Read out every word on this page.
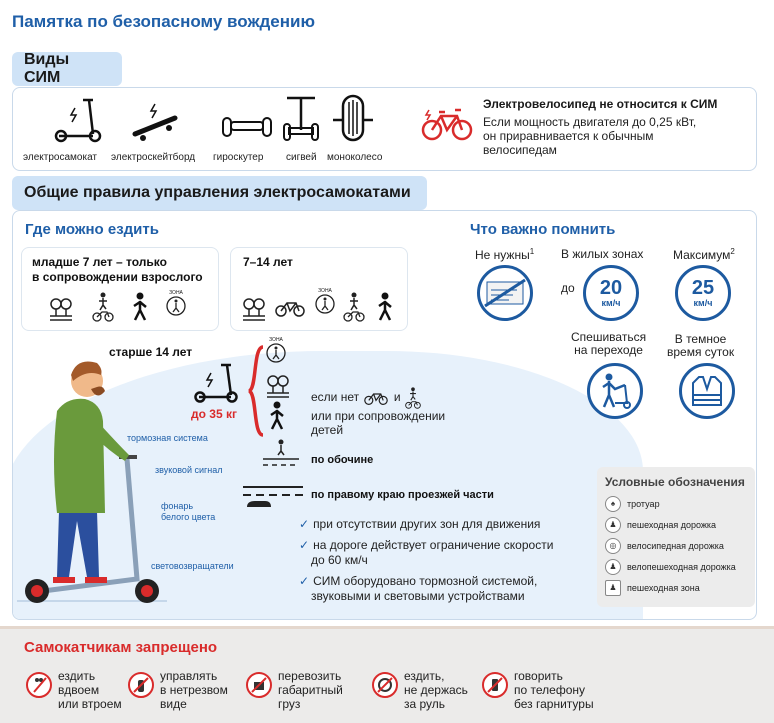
Памятка по безопасному вождению
Виды СИМ
электросамокат электроскейтборд гироскутер сигвей моноколесо
Электровелосипед не относится к СИМ
Если мощность двигателя до 0,25 кВт,
он приравнивается к обычным
велосипедам
Общие правила управления электросамокатами
Где можно ездить
младше 7 лет – только
в сопровождении взрослого
ЗОНА
7–14 лет
ЗОНА
старше 14 лет
до 35 кг
ЗОНА
если нет	и
или при сопровождении
детей
по обочине
по правому краю проезжей части
✓ при отсутствии других зон для движения
✓ на дороге действует ограничение скорости
до 60 км/ч
✓ СИМ оборудовано тормозной системой,
звуковыми и световыми устройствами
тормозная система
звуковой сигнал
фонарь
белого цвета
световозвращатели
Что важно помнить
Не нужны$^1$ В жилых зонах Максимум$^2$
до 20
км/ч
25
км/ч
Спешиваться
на переходе
В темное
время суток
Условные обозначения
♠	тротуар
♟	пешеходная дорожка
◎	велосипедная дорожка
♟	велопешеходная дорожка
♟	пешеходная зона
Самокатчикам запрещено
ездить
вдвоем
или втроем
управлять
в нетрезвом
виде
перевозить
габаритный
груз
ездить,
не держась
за руль
говорить
по телефону
без гарнитуры
